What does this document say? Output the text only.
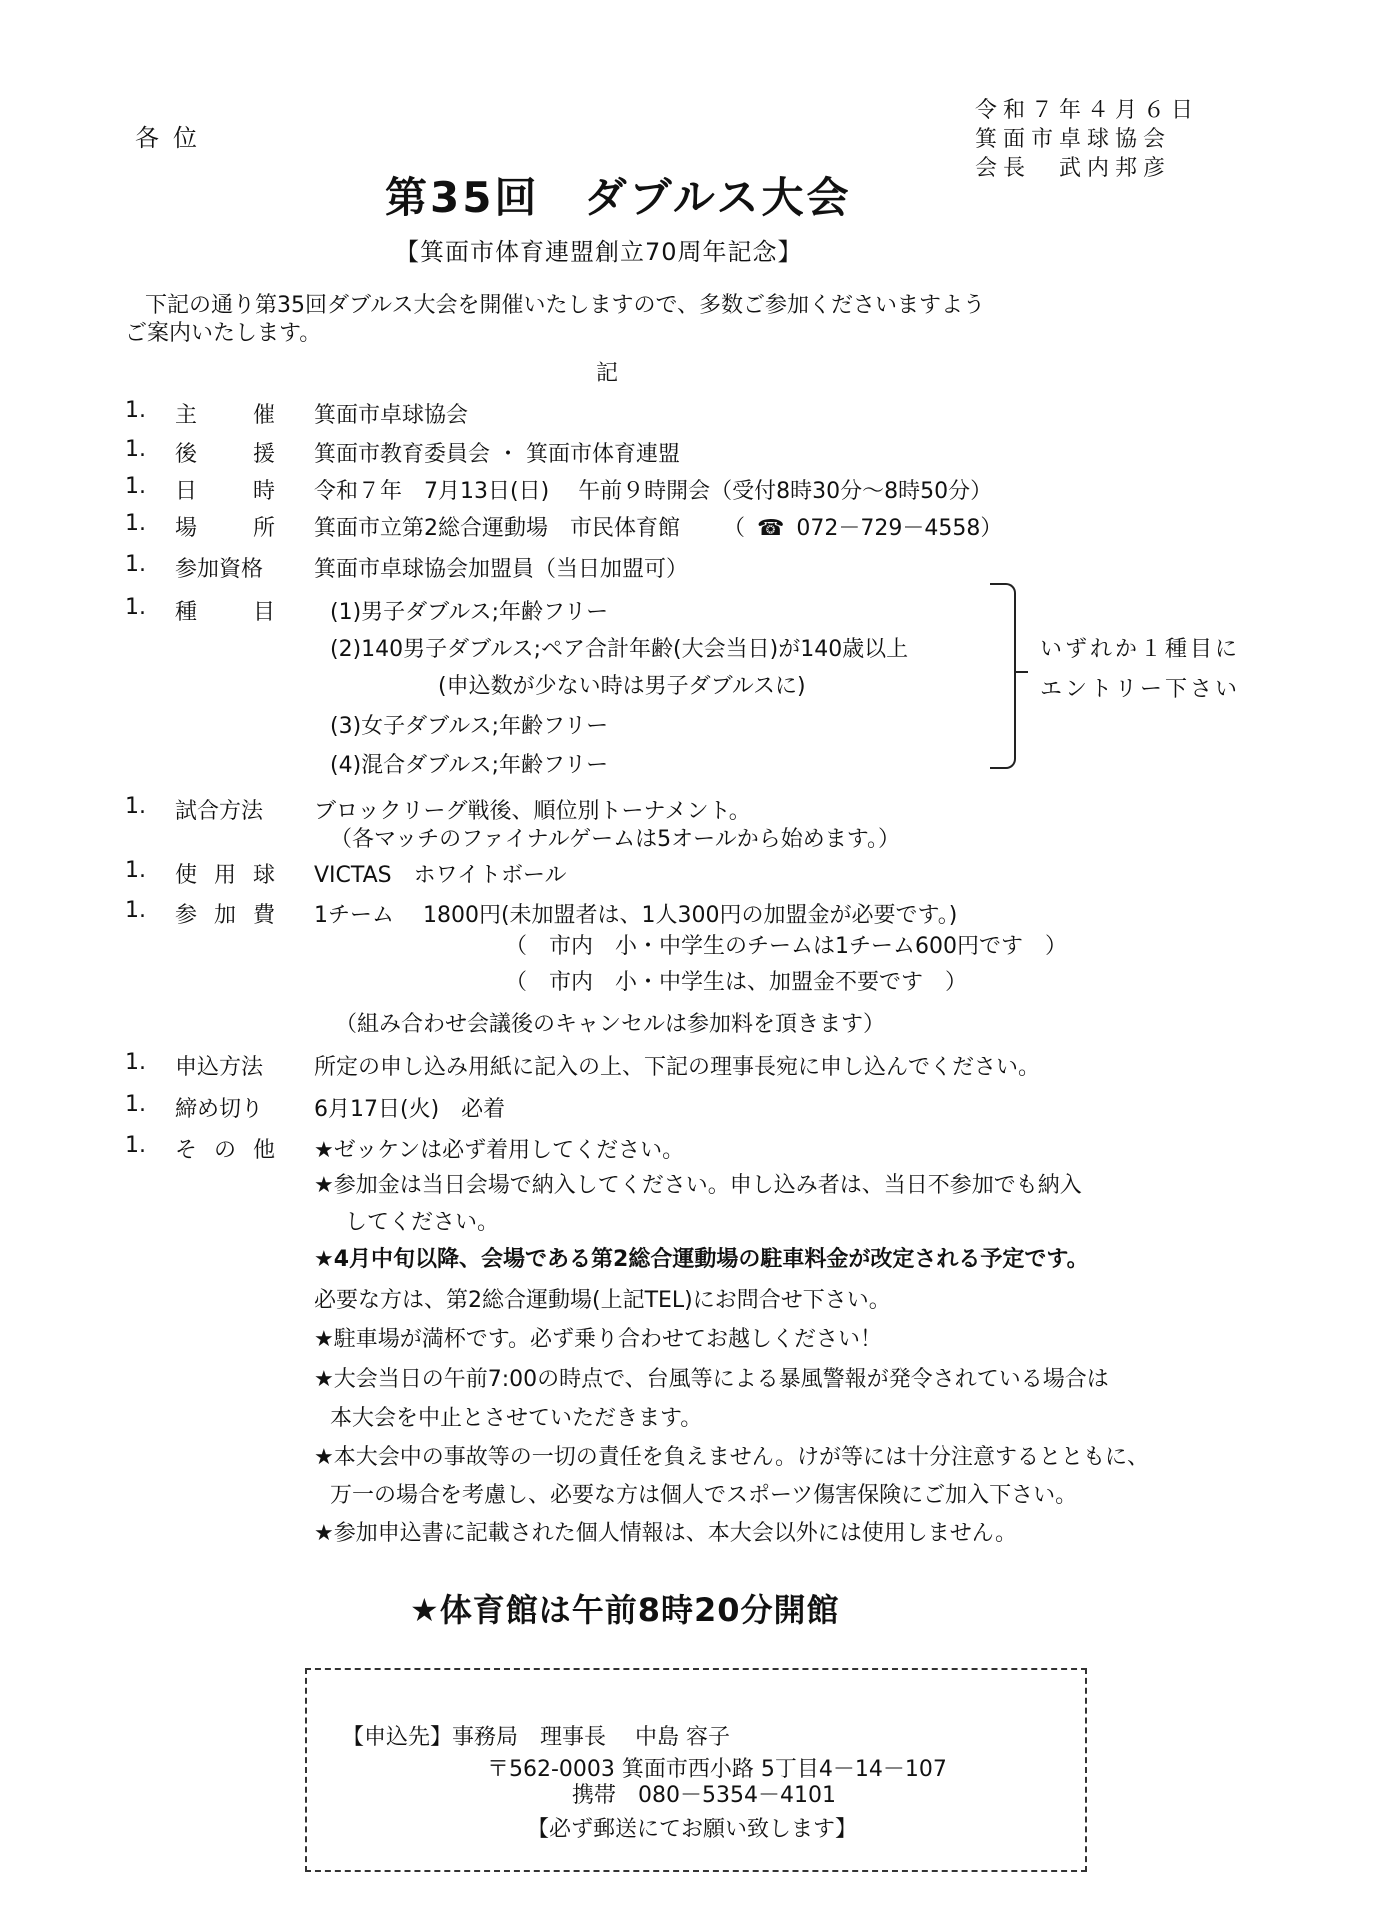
各位
令和７年４月６日
箕面市卓球協会
会長　武内邦彦
第35回　ダブルス大会
【箕面市体育連盟創立70周年記念】
下記の通り第35回ダブルス大会を開催いたしますので、多数ご参加くださいますよう
ご案内いたします。
記
1. 主	催 箕面市卓球協会
1. 後	援 箕面市教育委員会 ・ 箕面市体育連盟
1. 日	時 令和７年　7月13日(日)　 午前９時開会（受付8時30分～8時50分）
1. 場	所 箕面市立第2総合運動場　市民体育館 （ ☎ 072－729－4558）
1. 参加資格 箕面市卓球協会加盟員（当日加盟可）
1. 種	目	(1)男子ダブルス;年齢フリー
(2)140男子ダブルス;ペア合計年齢(大会当日)が140歳以上
(申込数が少ない時は男子ダブルスに)
(3)女子ダブルス;年齢フリー
(4)混合ダブルス;年齢フリー
いずれか１種目に
エントリー下さい
1. 試合方法 ブロックリーグ戦後、順位別トーナメント。
（各マッチのファイナルゲームは5オールから始めます。）
1. 使 用 球 VICTAS　ホワイトボール
1. 参 加 費 1チーム　 1800円(未加盟者は、1人300円の加盟金が必要です。)
（　市内　小・中学生のチームは1チーム600円です　）
（　市内　小・中学生は、加盟金不要です　）
（組み合わせ会議後のキャンセルは参加料を頂きます）
1. 申込方法 所定の申し込み用紙に記入の上、下記の理事長宛に申し込んでください。
1. 締め切り 6月17日(火)　必着
1. そ の 他 ★ゼッケンは必ず着用してください。
★参加金は当日会場で納入してください。申し込み者は、当日不参加でも納入
してください。
★4月中旬以降、会場である第2総合運動場の駐車料金が改定される予定です。
必要な方は、第2総合運動場(上記TEL)にお問合せ下さい。
★駐車場が満杯です。必ず乗り合わせてお越しください！
★大会当日の午前7:00の時点で、台風等による暴風警報が発令されている場合は
本大会を中止とさせていただきます。
★本大会中の事故等の一切の責任を負えません。けが等には十分注意するとともに、
万一の場合を考慮し、必要な方は個人でスポーツ傷害保険にご加入下さい。
★参加申込書に記載された個人情報は、本大会以外には使用しません。
★体育館は午前8時20分開館
【申込先】事務局　理事長　 中島 容子
〒562-0003 箕面市西小路 5丁目4－14－107
携帯　080－5354－4101
【必ず郵送にてお願い致します】
